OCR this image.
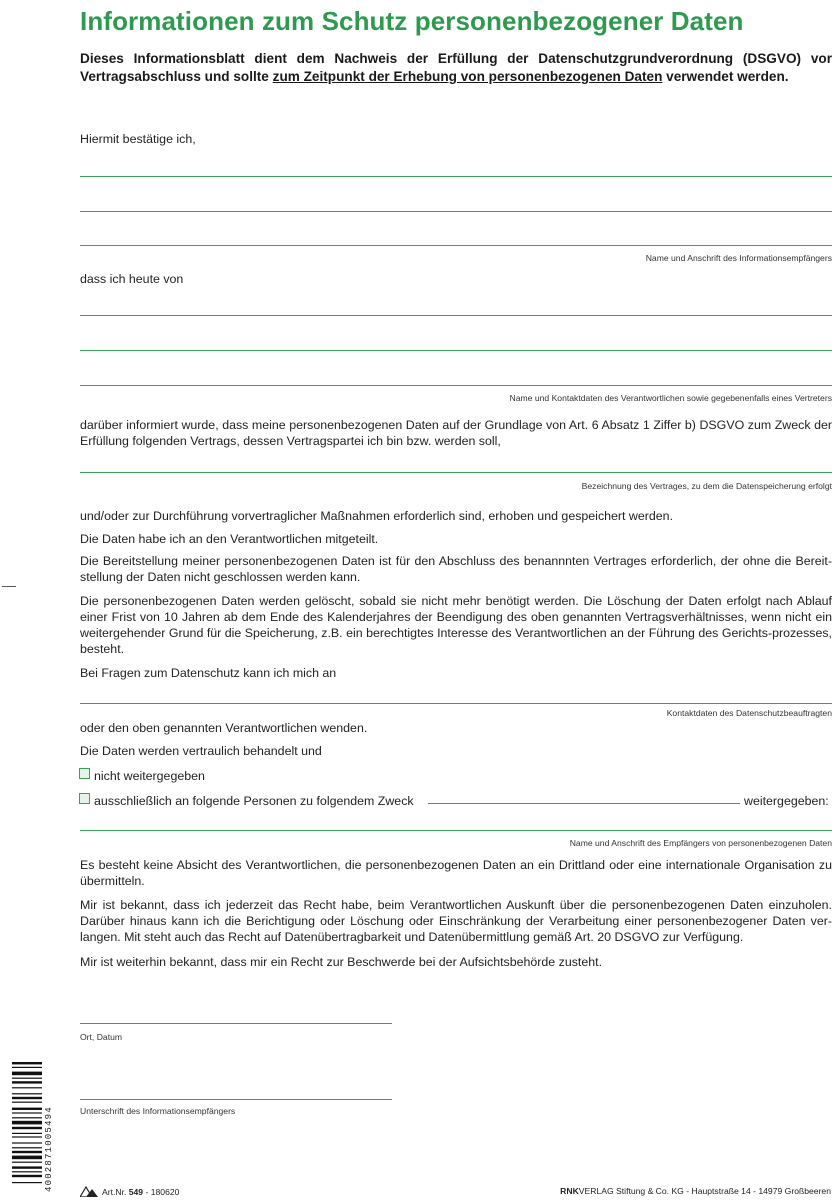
Informationen zum Schutz personenbezogener Daten

Dieses Informationsblatt dient dem Nachweis der Erfüllung der Datenschutzgrundverordnung (DSGVO) vor Vertragsabschluss und sollte zum Zeitpunkt der Erhebung von personenbezogenen Daten verwendet werden.

Hiermit bestätige ich,
Name und Anschrift des Informationsempfängers
dass ich heute von
Name und Kontaktdaten des Verantwortlichen sowie gegebenenfalls eines Vertreters
darüber informiert wurde, dass meine personenbezogenen Daten auf der Grundlage von Art. 6 Absatz 1 Ziffer b) DSGVO zum Zweck der Erfüllung folgenden Vertrags, dessen Vertragspartei ich bin bzw. werden soll,
Bezeichnung des Vertrages, zu dem die Datenspeicherung erfolgt
und/oder zur Durchführung vorvertraglicher Maßnahmen erforderlich sind, erhoben und gespeichert werden.
Die Daten habe ich an den Verantwortlichen mitgeteilt.
Die Bereitstellung meiner personenbezogenen Daten ist für den Abschluss des benannnten Vertrages erforderlich, der ohne die Bereit-stellung der Daten nicht geschlossen werden kann.
Die personenbezogenen Daten werden gelöscht, sobald sie nicht mehr benötigt werden. Die Löschung der Daten erfolgt nach Ablauf einer Frist von 10 Jahren ab dem Ende des Kalenderjahres der Beendigung des oben genannten Vertragsverhältnisses, wenn nicht ein weitergehender Grund für die Speicherung, z.B. ein berechtigtes Interesse des Verantwortlichen an der Führung des Gerichts-prozesses, besteht.
Bei Fragen zum Datenschutz kann ich mich an
Kontaktdaten des Datenschutzbeauftragten
oder den oben genannten Verantwortlichen wenden.
Die Daten werden vertraulich behandelt und
nicht weitergegeben
ausschließlich an folgende Personen zu folgendem Zweck	weitergegeben:
Name und Anschrift des Empfängers von personenbezogenen Daten
Es besteht keine Absicht des Verantwortlichen, die personenbezogenen Daten an ein Drittland oder eine internationale Organisation zu übermitteln.
Mir ist bekannt, dass ich jederzeit das Recht habe, beim Verantwortlichen Auskunft über die personenbezogenen Daten einzuholen. Darüber hinaus kann ich die Berichtigung oder Löschung oder Einschränkung der Verarbeitung einer personenbezogener Daten ver-langen. Mit steht auch das Recht auf Datenübertragbarkeit und Datenübermittlung gemäß Art. 20 DSGVO zur Verfügung.
Mir ist weiterhin bekannt, dass mir ein Recht zur Beschwerde bei der Aufsichtsbehörde zusteht.
Ort, Datum
Unterschrift des Informationsempfängers
4002871005494	Art.Nr. 549 - 180620	RNKVERLAG Stiftung & Co. KG - Hauptstraße 14 - 14979 Großbeeren
